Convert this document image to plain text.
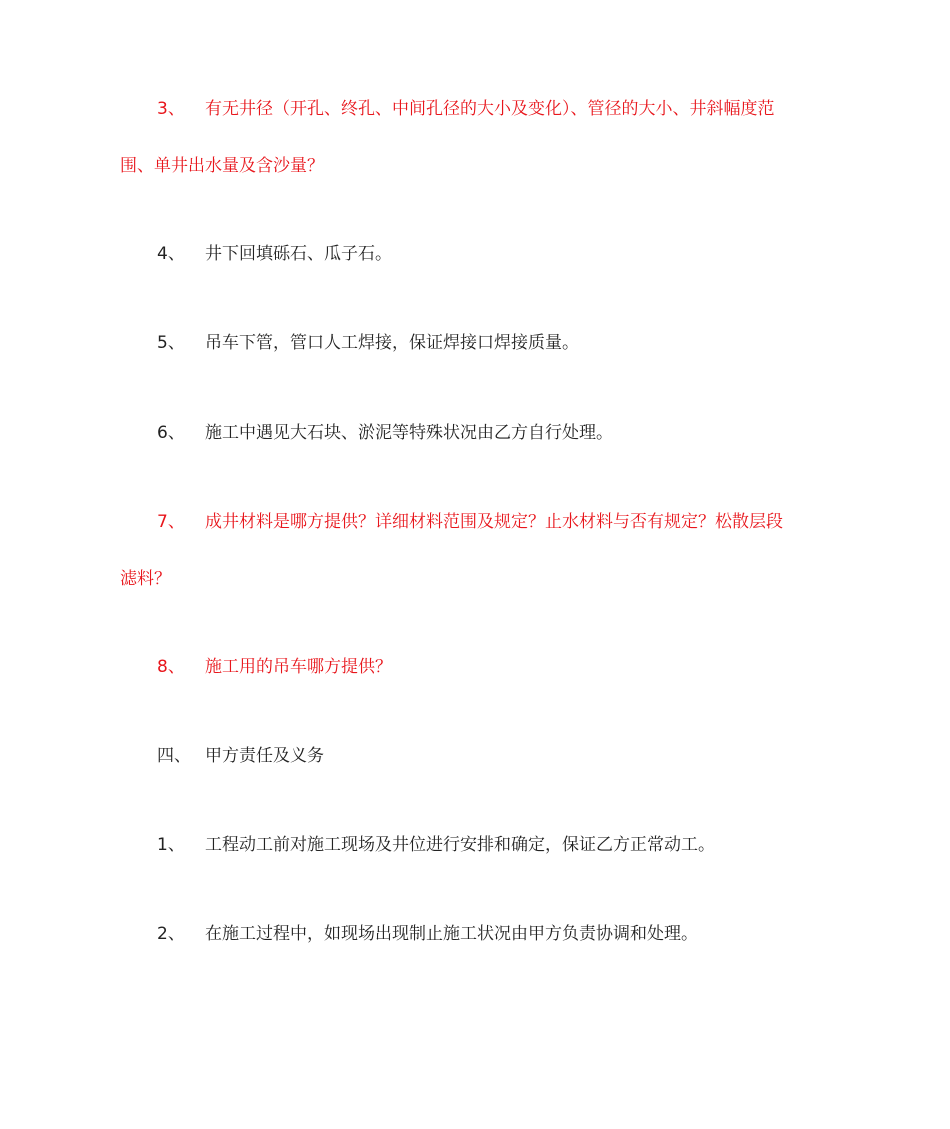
3、 有无井径（开孔、终孔、中间孔径的大小及变化）、管径的大小、井斜幅度范
围、单井出水量及含沙量？
4、 井下回填砾石、瓜子石。
5、 吊车下管，管口人工焊接，保证焊接口焊接质量。
6、 施工中遇见大石块、淤泥等特殊状况由乙方自行处理。
7、 成井材料是哪方提供？详细材料范围及规定？止水材料与否有规定？松散层段
滤料？
8、 施工用的吊车哪方提供？
四、 甲方责任及义务
1、 工程动工前对施工现场及井位进行安排和确定，保证乙方正常动工。
2、 在施工过程中，如现场出现制止施工状况由甲方负责协调和处理。
